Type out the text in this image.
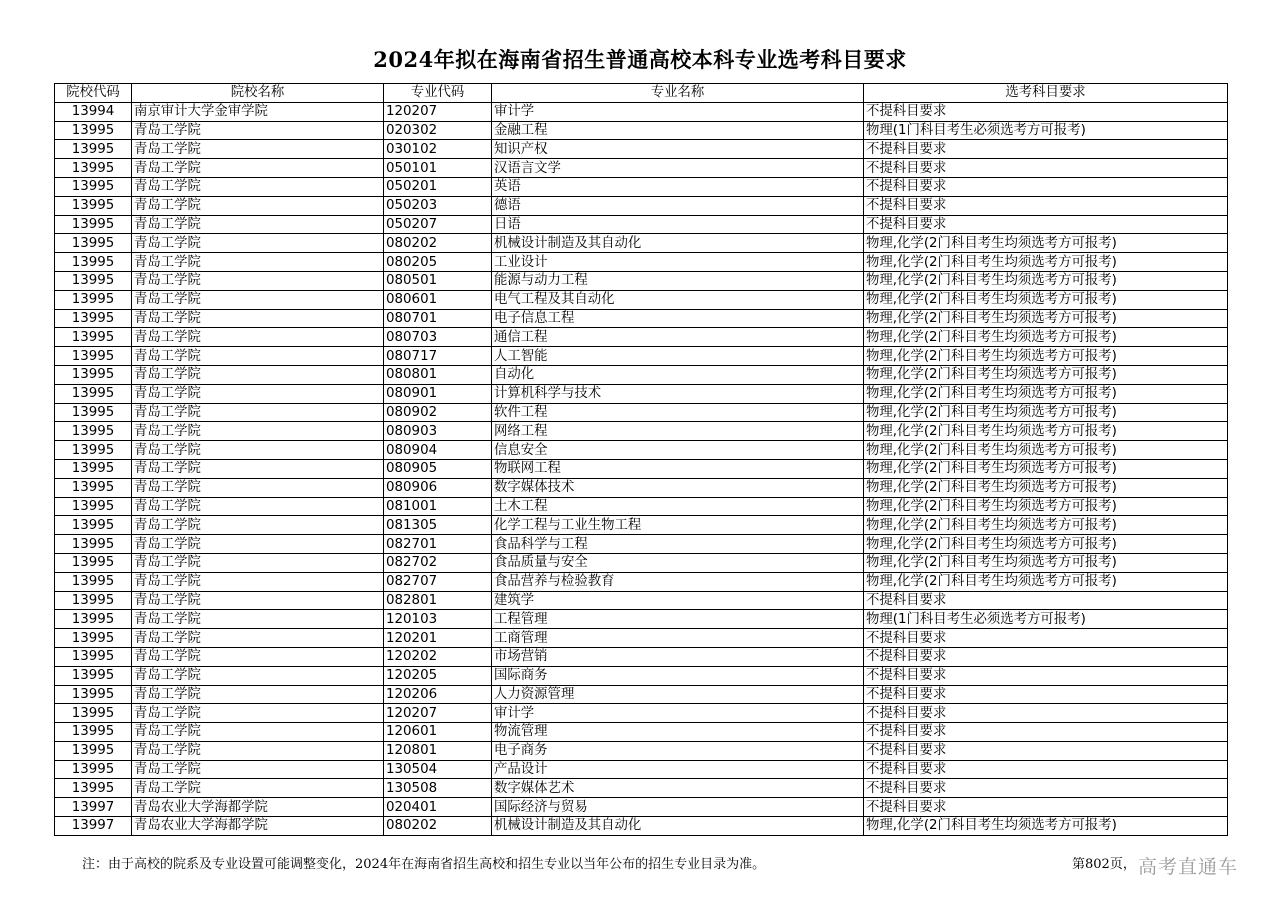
2024年拟在海南省招生普通高校本科专业选考科目要求
院校代码	院校名称	专业代码	专业名称	选考科目要求
13994	南京审计大学金审学院	120207	审计学	不提科目要求
13995	青岛工学院	020302	金融工程	物理(1门科目考生必须选考方可报考)
13995	青岛工学院	030102	知识产权	不提科目要求
13995	青岛工学院	050101	汉语言文学	不提科目要求
13995	青岛工学院	050201	英语	不提科目要求
13995	青岛工学院	050203	德语	不提科目要求
13995	青岛工学院	050207	日语	不提科目要求
13995	青岛工学院	080202	机械设计制造及其自动化	物理,化学(2门科目考生均须选考方可报考)
13995	青岛工学院	080205	工业设计	物理,化学(2门科目考生均须选考方可报考)
13995	青岛工学院	080501	能源与动力工程	物理,化学(2门科目考生均须选考方可报考)
13995	青岛工学院	080601	电气工程及其自动化	物理,化学(2门科目考生均须选考方可报考)
13995	青岛工学院	080701	电子信息工程	物理,化学(2门科目考生均须选考方可报考)
13995	青岛工学院	080703	通信工程	物理,化学(2门科目考生均须选考方可报考)
13995	青岛工学院	080717	人工智能	物理,化学(2门科目考生均须选考方可报考)
13995	青岛工学院	080801	自动化	物理,化学(2门科目考生均须选考方可报考)
13995	青岛工学院	080901	计算机科学与技术	物理,化学(2门科目考生均须选考方可报考)
13995	青岛工学院	080902	软件工程	物理,化学(2门科目考生均须选考方可报考)
13995	青岛工学院	080903	网络工程	物理,化学(2门科目考生均须选考方可报考)
13995	青岛工学院	080904	信息安全	物理,化学(2门科目考生均须选考方可报考)
13995	青岛工学院	080905	物联网工程	物理,化学(2门科目考生均须选考方可报考)
13995	青岛工学院	080906	数字媒体技术	物理,化学(2门科目考生均须选考方可报考)
13995	青岛工学院	081001	土木工程	物理,化学(2门科目考生均须选考方可报考)
13995	青岛工学院	081305	化学工程与工业生物工程	物理,化学(2门科目考生均须选考方可报考)
13995	青岛工学院	082701	食品科学与工程	物理,化学(2门科目考生均须选考方可报考)
13995	青岛工学院	082702	食品质量与安全	物理,化学(2门科目考生均须选考方可报考)
13995	青岛工学院	082707	食品营养与检验教育	物理,化学(2门科目考生均须选考方可报考)
13995	青岛工学院	082801	建筑学	不提科目要求
13995	青岛工学院	120103	工程管理	物理(1门科目考生必须选考方可报考)
13995	青岛工学院	120201	工商管理	不提科目要求
13995	青岛工学院	120202	市场营销	不提科目要求
13995	青岛工学院	120205	国际商务	不提科目要求
13995	青岛工学院	120206	人力资源管理	不提科目要求
13995	青岛工学院	120207	审计学	不提科目要求
13995	青岛工学院	120601	物流管理	不提科目要求
13995	青岛工学院	120801	电子商务	不提科目要求
13995	青岛工学院	130504	产品设计	不提科目要求
13995	青岛工学院	130508	数字媒体艺术	不提科目要求
13997	青岛农业大学海都学院	020401	国际经济与贸易	不提科目要求
13997	青岛农业大学海都学院	080202	机械设计制造及其自动化	物理,化学(2门科目考生均须选考方可报考)
注：由于高校的院系及专业设置可能调整变化，2024年在海南省招生高校和招生专业以当年公布的招生专业目录为准。	第802页， 高考直通车
